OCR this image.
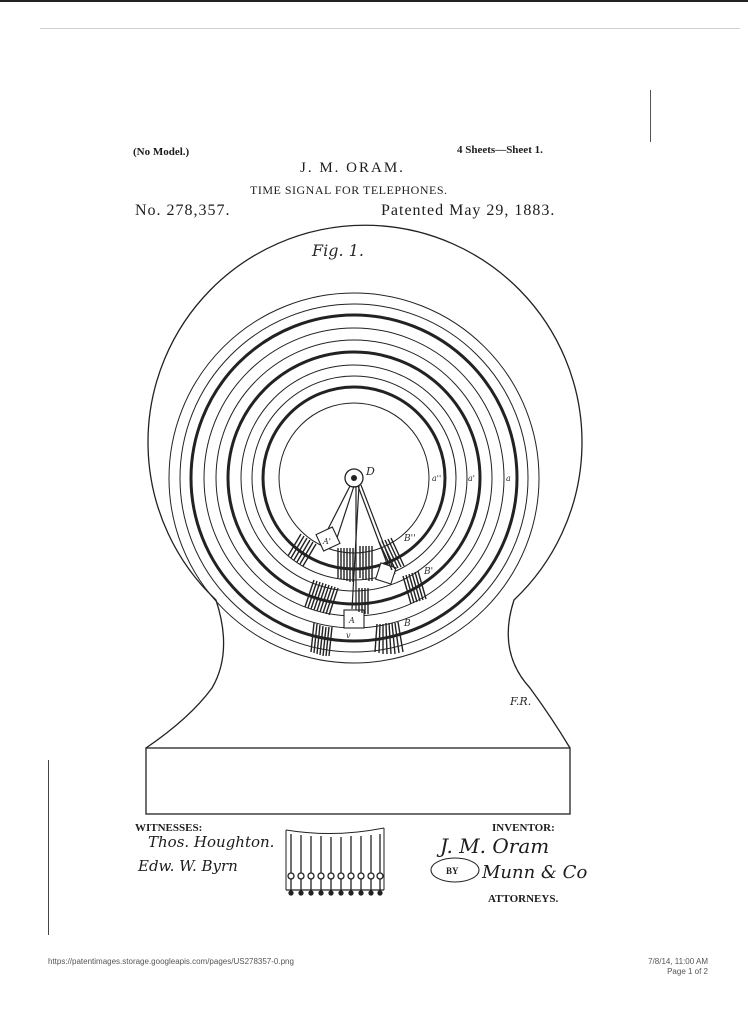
(No Model.)	4 Sheets—Sheet 1.
J. M. ORAM.
TIME SIGNAL FOR TELEPHONES.
No. 278,357.	Patented May 29, 1883.
Fig. 1.
D
a''	a'	a
B''
B'
B
A'
A
v
F.R.
WITNESSES:
Thos. Houghton.
Edw. W. Byrn
INVENTOR:
J. M. Oram
BY Munn & Co
ATTORNEYS.
https://patentimages.storage.googleapis.com/pages/US278357-0.png	7/8/14, 11:00 AM
Page 1 of 2
